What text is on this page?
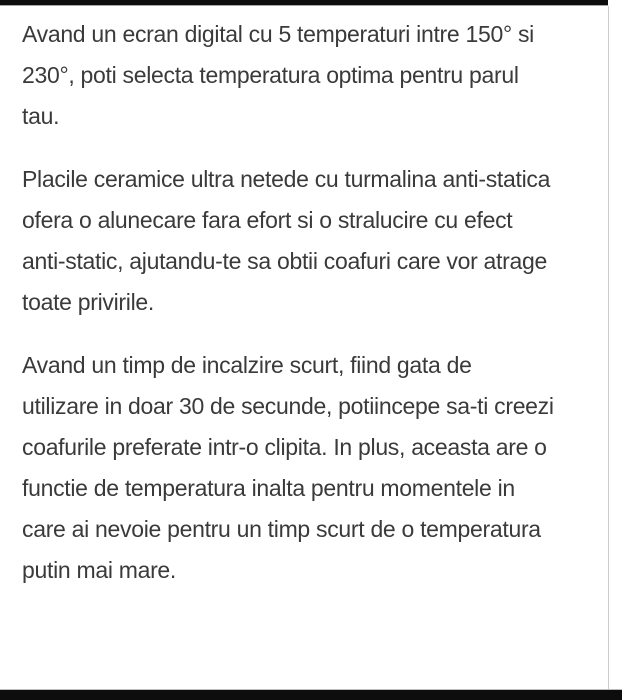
Avand un ecran digital cu 5 temperaturi intre 150° si
230°, poti selecta temperatura optima pentru parul
tau.

Placile ceramice ultra netede cu turmalina anti-statica
ofera o alunecare fara efort si o stralucire cu efect
anti-static, ajutandu-te sa obtii coafuri care vor atrage
toate privirile.

Avand un timp de incalzire scurt, fiind gata de
utilizare in doar 30 de secunde, potiincepe sa-ti creezi
coafurile preferate intr-o clipita. In plus, aceasta are o
functie de temperatura inalta pentru momentele in
care ai nevoie pentru un timp scurt de o temperatura
putin mai mare.
